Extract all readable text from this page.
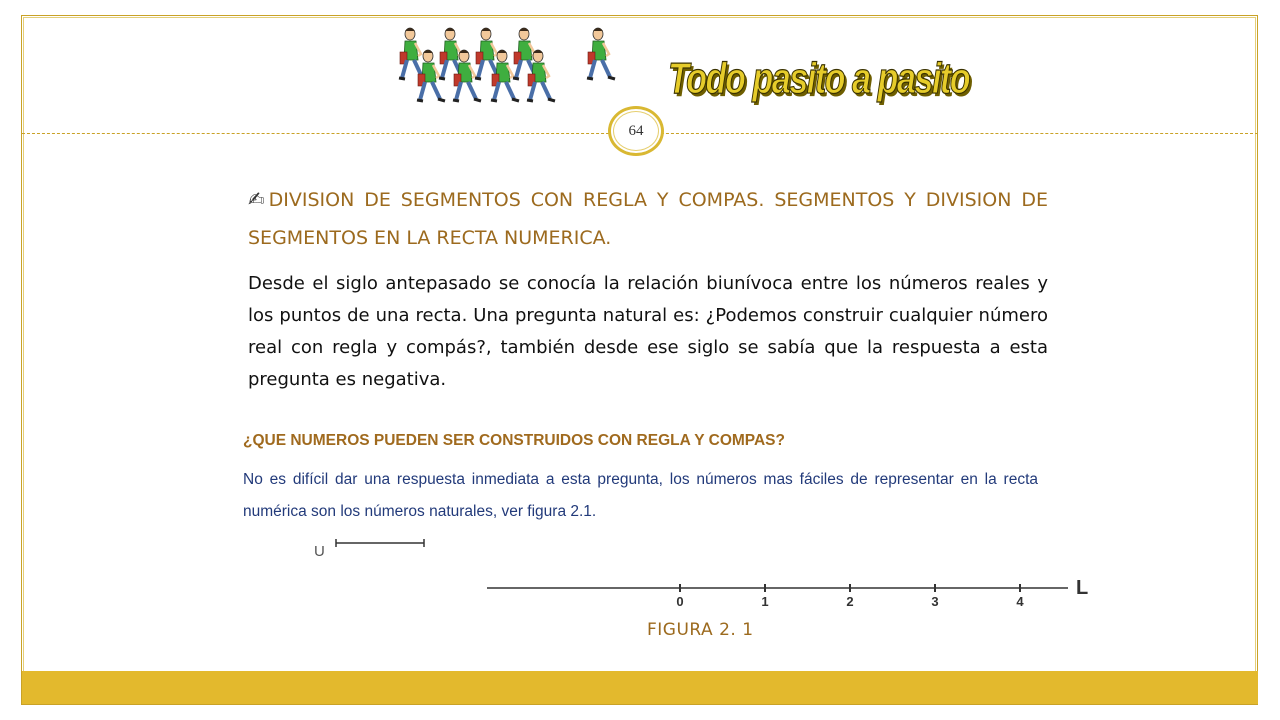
Todo pasito a pasito
64

✍DIVISION DE SEGMENTOS CON REGLA Y COMPAS. SEGMENTOS Y DIVISION DE SEGMENTOS EN LA RECTA NUMERICA.

Desde el siglo antepasado se conocía la relación biunívoca entre los números reales y los puntos de una recta. Una pregunta natural es: ¿Podemos construir cualquier número real con regla y compás?, también desde ese siglo se sabía que la respuesta a esta pregunta es negativa.

¿QUE NUMEROS PUEDEN SER CONSTRUIDOS CON REGLA Y COMPAS?

No es difícil dar una respuesta inmediata a esta pregunta, los números mas fáciles de representar en la recta numérica son los números naturales, ver figura 2.1.

U
0	1	2	3	4
L
FIGURA 2. 1
